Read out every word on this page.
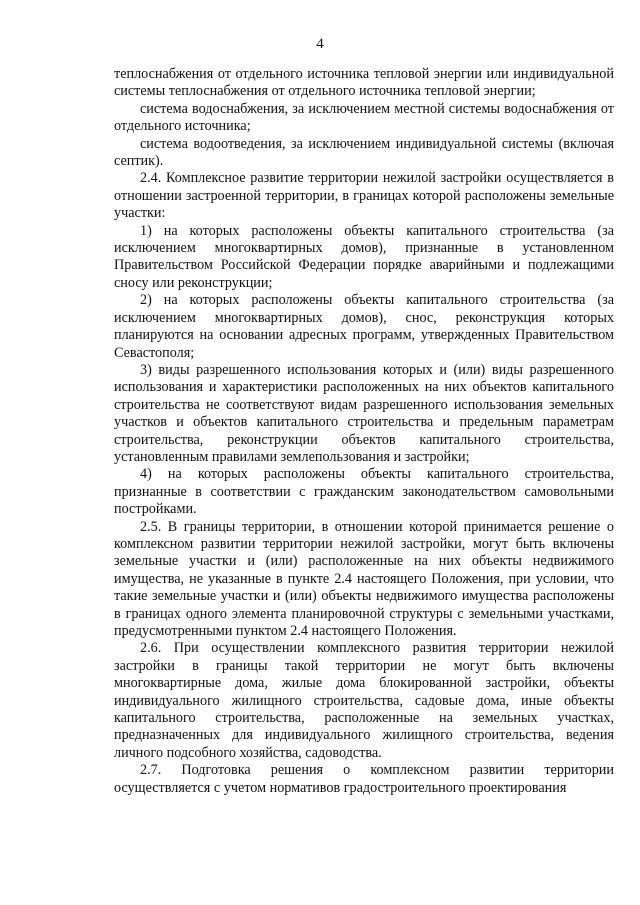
4

теплоснабжения от отдельного источника тепловой энергии или индивидуальной системы теплоснабжения от отдельного источника тепловой энергии;

система водоснабжения, за исключением местной системы водоснабжения от отдельного источника;

система водоотведения, за исключением индивидуальной системы (включая септик).

2.4. Комплексное развитие территории нежилой застройки осуществляется в отношении застроенной территории, в границах которой расположены земельные участки:

1) на которых расположены объекты капитального строительства (за исключением многоквартирных домов), признанные в установленном Правительством Российской Федерации порядке аварийными и подлежащими сносу или реконструкции;

2) на которых расположены объекты капитального строительства (за исключением многоквартирных домов), снос, реконструкция которых планируются на основании адресных программ, утвержденных Правительством Севастополя;

3) виды разрешенного использования которых и (или) виды разрешенного использования и характеристики расположенных на них объектов капитального строительства не соответствуют видам разрешенного использования земельных участков и объектов капитального строительства и предельным параметрам строительства, реконструкции объектов капитального строительства, установленным правилами землепользования и застройки;

4) на которых расположены объекты капитального строительства, признанные в соответствии с гражданским законодательством самовольными постройками.

2.5. В границы территории, в отношении которой принимается решение о комплексном развитии территории нежилой застройки, могут быть включены земельные участки и (или) расположенные на них объекты недвижимого имущества, не указанные в пункте 2.4 настоящего Положения, при условии, что такие земельные участки и (или) объекты недвижимого имущества расположены в границах одного элемента планировочной структуры с земельными участками, предусмотренными пунктом 2.4 настоящего Положения.

2.6. При осуществлении комплексного развития территории нежилой застройки в границы такой территории не могут быть включены многоквартирные дома, жилые дома блокированной застройки, объекты индивидуального жилищного строительства, садовые дома, иные объекты капитального строительства, расположенные на земельных участках, предназначенных для индивидуального жилищного строительства, ведения личного подсобного хозяйства, садоводства.

2.7. Подготовка решения о комплексном развитии территории осуществляется с учетом нормативов градостроительного проектирования
